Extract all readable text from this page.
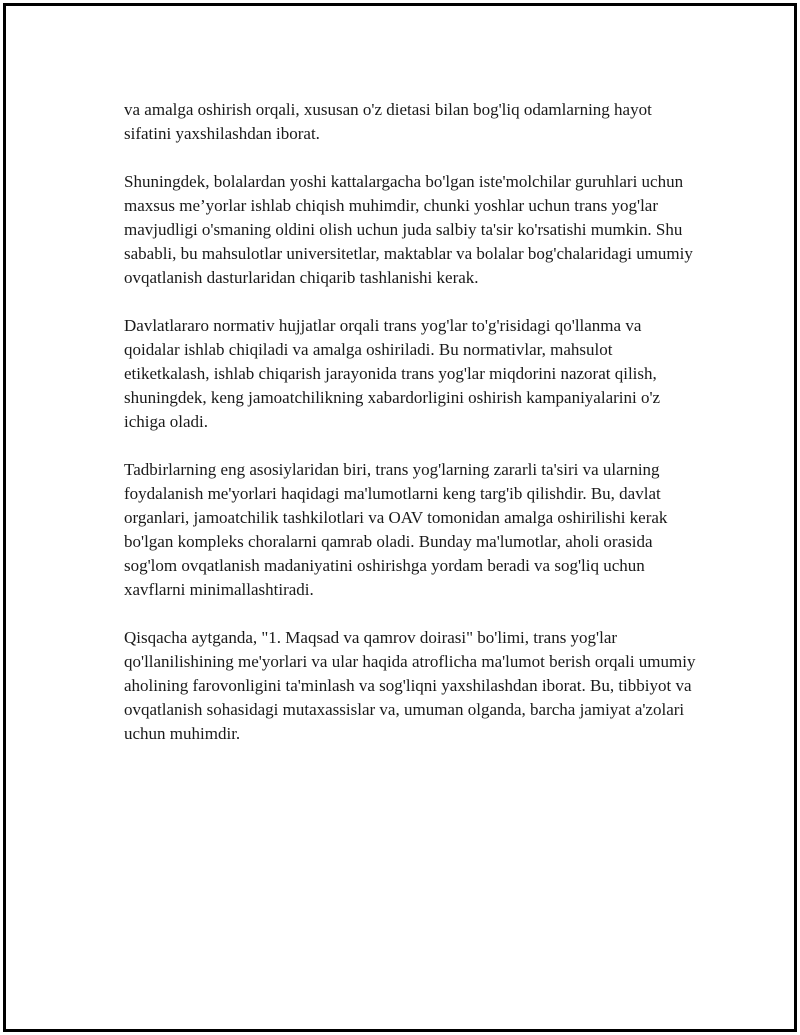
va amalga oshirish orqali, xususan o'z dietasi bilan bog'liq odamlarning hayot sifatini yaxshilashdan iborat.

Shuningdek, bolalardan yoshi kattalargacha bo'lgan iste'molchilar guruhlari uchun maxsus me’yorlar ishlab chiqish muhimdir, chunki yoshlar uchun trans yog'lar mavjudligi o'smaning oldini olish uchun juda salbiy ta'sir ko'rsatishi mumkin. Shu sababli, bu mahsulotlar universitetlar, maktablar va bolalar bog'chalaridagi umumiy ovqatlanish dasturlaridan chiqarib tashlanishi kerak.

Davlatlararo normativ hujjatlar orqali trans yog'lar to'g'risidagi qo'llanma va qoidalar ishlab chiqiladi va amalga oshiriladi. Bu normativlar, mahsulot etiketkalash, ishlab chiqarish jarayonida trans yog'lar miqdorini nazorat qilish, shuningdek, keng jamoatchilikning xabardorligini oshirish kampaniyalarini o'z ichiga oladi.

Tadbirlarning eng asosiylaridan biri, trans yog'larning zararli ta'siri va ularning foydalanish me'yorlari haqidagi ma'lumotlarni keng targ'ib qilishdir. Bu, davlat organlari, jamoatchilik tashkilotlari va OAV tomonidan amalga oshirilishi kerak bo'lgan kompleks choralarni qamrab oladi. Bunday ma'lumotlar, aholi orasida sog'lom ovqatlanish madaniyatini oshirishga yordam beradi va sog'liq uchun xavflarni minimallashtiradi.

Qisqacha aytganda, "1. Maqsad va qamrov doirasi" bo'limi, trans yog'lar qo'llanilishining me'yorlari va ular haqida atroflicha ma'lumot berish orqali umumiy aholining farovonligini ta'minlash va sog'liqni yaxshilashdan iborat. Bu, tibbiyot va ovqatlanish sohasidagi mutaxassislar va, umuman olganda, barcha jamiyat a'zolari uchun muhimdir.
